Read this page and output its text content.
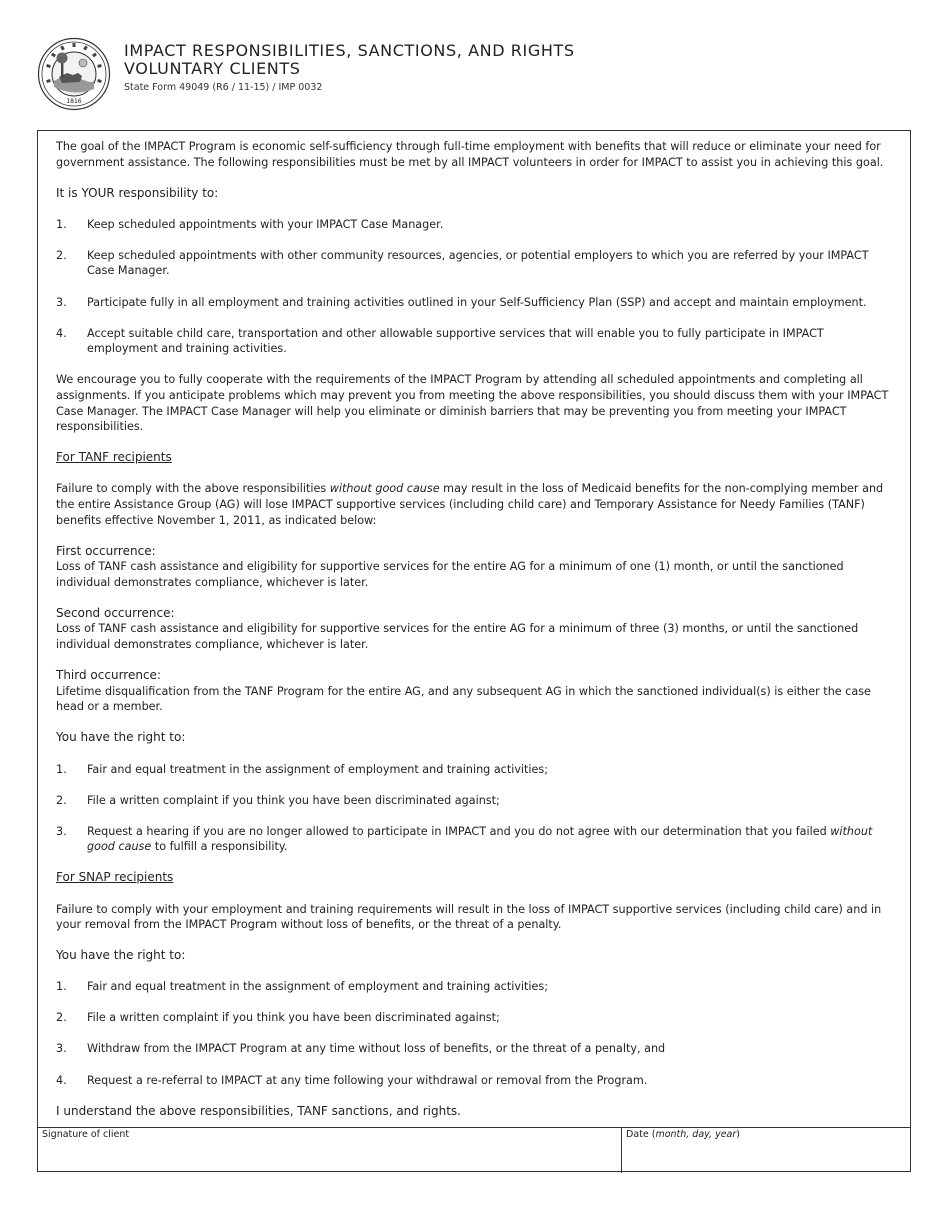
1816
IMPACT RESPONSIBILITIES, SANCTIONS, AND RIGHTS
VOLUNTARY CLIENTS
State Form 49049 (R6 / 11-15) / IMP 0032

The goal of the IMPACT Program is economic self-sufficiency through full-time employment with benefits that will reduce or eliminate your need for government assistance. The following responsibilities must be met by all IMPACT volunteers in order for IMPACT to assist you in achieving this goal.

It is YOUR responsibility to:

1.	Keep scheduled appointments with your IMPACT Case Manager.
2.	Keep scheduled appointments with other community resources, agencies, or potential employers to which you are referred by your IMPACT Case Manager.
3.	Participate fully in all employment and training activities outlined in your Self-Sufficiency Plan (SSP) and accept and maintain employment.
4.	Accept suitable child care, transportation and other allowable supportive services that will enable you to fully participate in IMPACT employment and training activities.

We encourage you to fully cooperate with the requirements of the IMPACT Program by attending all scheduled appointments and completing all assignments. If you anticipate problems which may prevent you from meeting the above responsibilities, you should discuss them with your IMPACT Case Manager. The IMPACT Case Manager will help you eliminate or diminish barriers that may be preventing you from meeting your IMPACT responsibilities.

For TANF recipients

Failure to comply with the above responsibilities without good cause may result in the loss of Medicaid benefits for the non-complying member and the entire Assistance Group (AG) will lose IMPACT supportive services (including child care) and Temporary Assistance for Needy Families (TANF) benefits effective November 1, 2011, as indicated below:

First occurrence:
Loss of TANF cash assistance and eligibility for supportive services for the entire AG for a minimum of one (1) month, or until the sanctioned individual demonstrates compliance, whichever is later.

Second occurrence:
Loss of TANF cash assistance and eligibility for supportive services for the entire AG for a minimum of three (3) months, or until the sanctioned individual demonstrates compliance, whichever is later.

Third occurrence:
Lifetime disqualification from the TANF Program for the entire AG, and any subsequent AG in which the sanctioned individual(s) is either the case head or a member.

You have the right to:

1.	Fair and equal treatment in the assignment of employment and training activities;
2.	File a written complaint if you think you have been discriminated against;
3.	Request a hearing if you are no longer allowed to participate in IMPACT and you do not agree with our determination that you failed without good cause to fulfill a responsibility.

For SNAP recipients

Failure to comply with your employment and training requirements will result in the loss of IMPACT supportive services (including child care) and in your removal from the IMPACT Program without loss of benefits, or the threat of a penalty.

You have the right to:

1.	Fair and equal treatment in the assignment of employment and training activities;
2.	File a written complaint if you think you have been discriminated against;
3.	Withdraw from the IMPACT Program at any time without loss of benefits, or the threat of a penalty, and
4.	Request a re-referral to IMPACT at any time following your withdrawal or removal from the Program.

I understand the above responsibilities, TANF sanctions, and rights.

Signature of client	Date (month, day, year)
